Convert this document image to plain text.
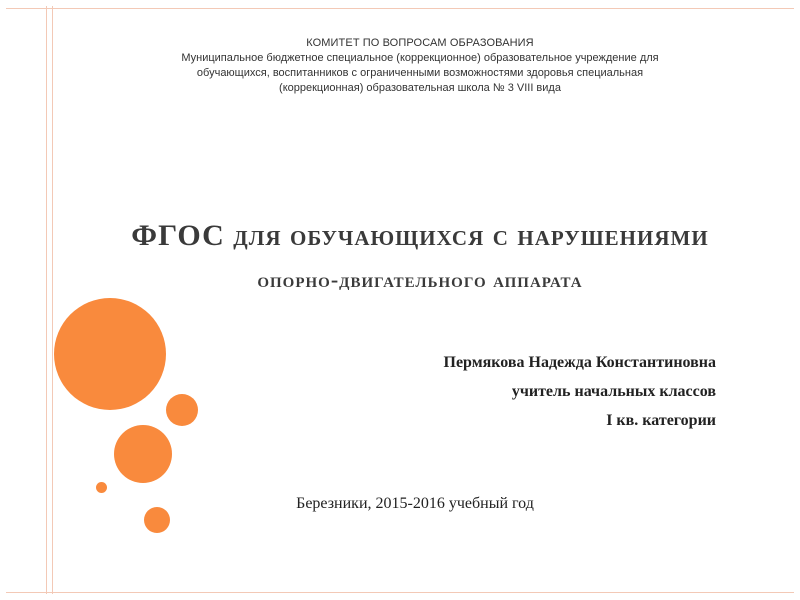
КОМИТЕТ ПО ВОПРОСАМ ОБРАЗОВАНИЯ
Муниципальное бюджетное специальное (коррекционное) образовательное учреждение для
обучающихся, воспитанников с ограниченными возможностями здоровья специальная
(коррекционная) образовательная школа № 3 VIII вида
ФГОС для обучающихся с нарушениями
опорно-двигательного аппарата
Пермякова Надежда Константиновна
учитель начальных классов
I кв. категории
Березники, 2015-2016 учебный год
